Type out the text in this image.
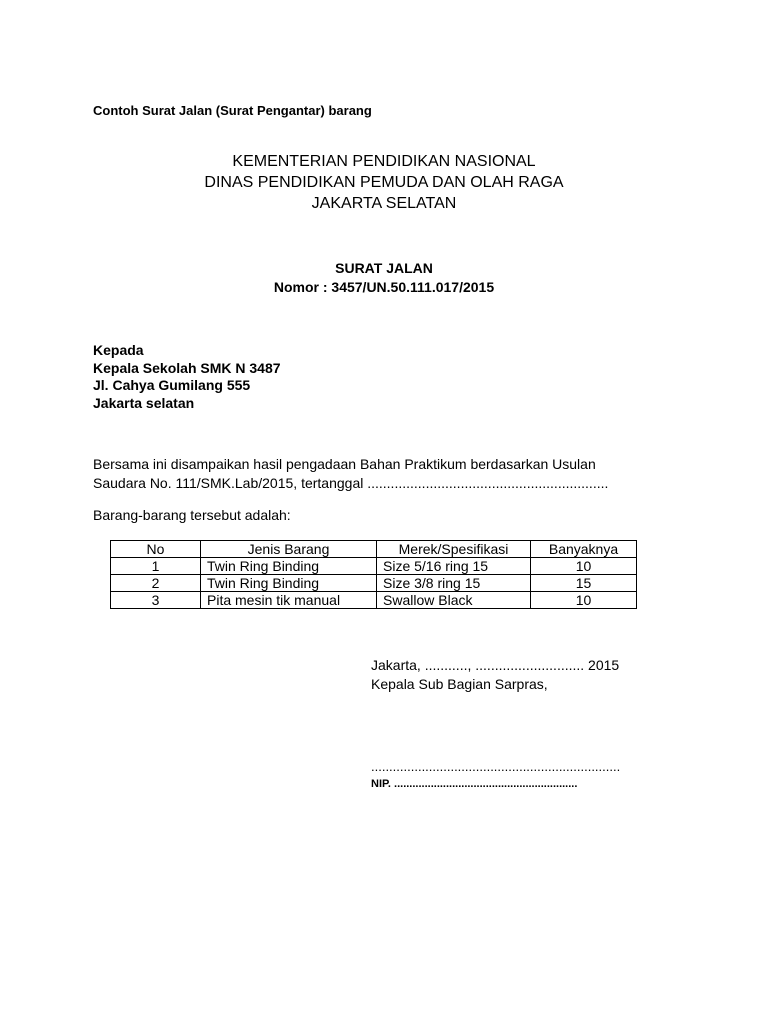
Contoh Surat Jalan (Surat Pengantar) barang
KEMENTERIAN PENDIDIKAN NASIONAL
DINAS PENDIDIKAN PEMUDA DAN OLAH RAGA
JAKARTA SELATAN
SURAT JALAN
Nomor : 3457/UN.50.111.017/2015
Kepada
Kepala Sekolah SMK N 3487
Jl. Cahya Gumilang 555
Jakarta selatan
Bersama ini disampaikan hasil pengadaan Bahan Praktikum berdasarkan Usulan
Saudara No. 111/SMK.Lab/2015, tertanggal ..............................................................
Barang-barang tersebut adalah:
No	Jenis Barang	Merek/Spesifikasi	Banyaknya
1	Twin Ring Binding	Size 5/16 ring 15	10
2	Twin Ring Binding	Size 3/8 ring 15	15
3	Pita mesin tik manual	Swallow Black	10
Jakarta, ..........., ............................ 2015
Kepala Sub Bagian Sarpras,
.....................................................................
NIP. ............................................................
